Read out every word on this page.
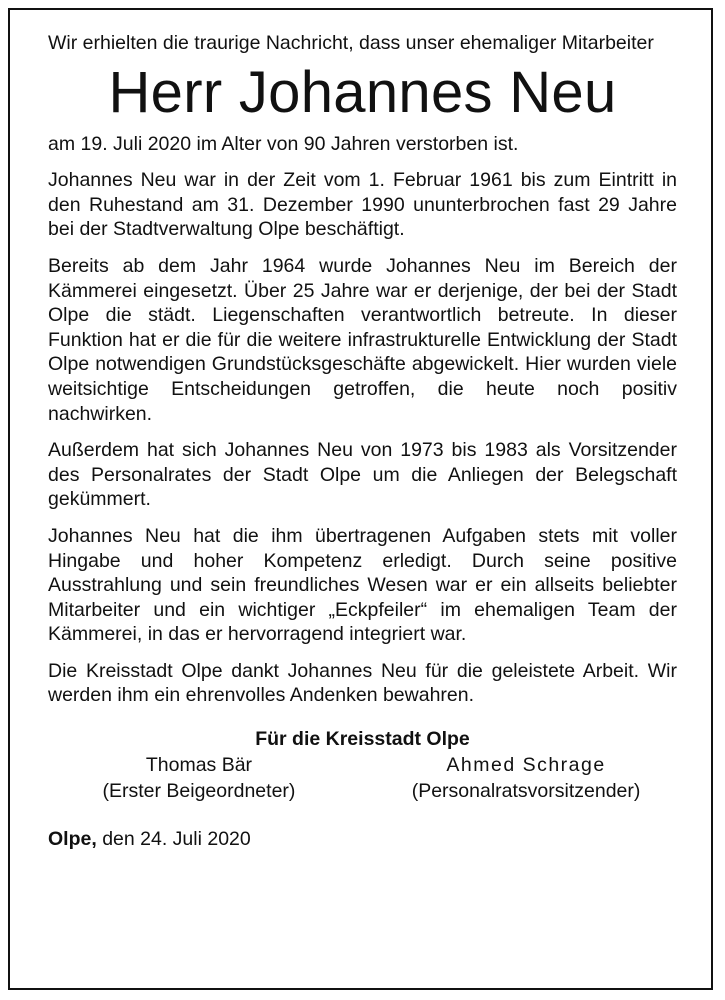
Wir erhielten die traurige Nachricht, dass unser ehemaliger Mitarbeiter

Herr Johannes Neu

am 19. Juli 2020 im Alter von 90 Jahren verstorben ist.

Johannes Neu war in der Zeit vom 1. Februar 1961 bis zum Eintritt in den Ruhestand am 31. Dezember 1990 ununterbrochen fast 29 Jahre bei der Stadtverwaltung Olpe beschäftigt.

Bereits ab dem Jahr 1964 wurde Johannes Neu im Bereich der Kämmerei eingesetzt. Über 25 Jahre war er derjenige, der bei der Stadt Olpe die städt. Liegenschaften verantwortlich betreute. In dieser Funktion hat er die für die weitere infrastrukturelle Entwicklung der Stadt Olpe notwendigen Grundstücksgeschäfte abgewickelt. Hier wurden viele weitsichtige Entscheidungen getroffen, die heute noch positiv nachwirken.

Außerdem hat sich Johannes Neu von 1973 bis 1983 als Vorsitzender des Personalrates der Stadt Olpe um die Anliegen der Belegschaft gekümmert.

Johannes Neu hat die ihm übertragenen Aufgaben stets mit voller Hingabe und hoher Kompetenz erledigt. Durch seine positive Ausstrahlung und sein freundliches Wesen war er ein allseits beliebter Mitarbeiter und ein wichtiger „Eckpfeiler“ im ehemaligen Team der Kämmerei, in das er hervorragend integriert war.

Die Kreisstadt Olpe dankt Johannes Neu für die geleistete Arbeit. Wir werden ihm ein ehrenvolles Andenken bewahren.

Für die Kreisstadt Olpe
Thomas Bär	Ahmed Schrage
(Erster Beigeordneter)	(Personalratsvorsitzender)
Olpe, den 24. Juli 2020
